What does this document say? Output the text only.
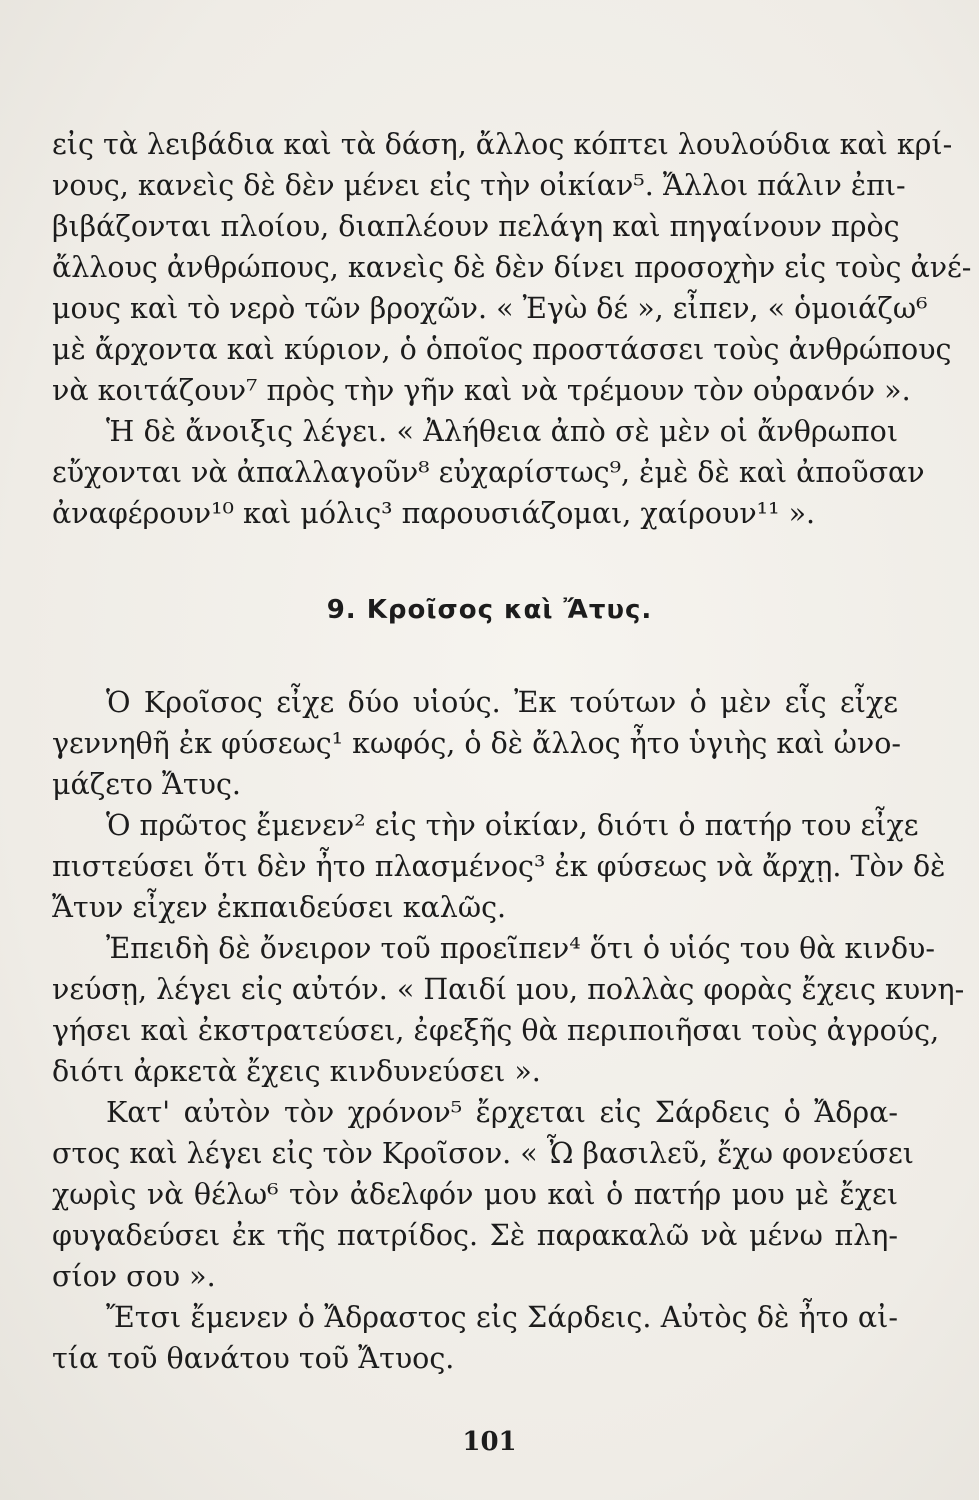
εἰς τὰ λειβάδια καὶ τὰ δάση, ἄλλος κόπτει λουλούδια καὶ κρί-
νους, κανεὶς δὲ δὲν μένει εἰς τὴν οἰκίαν⁵. Ἄλλοι πάλιν ἐπι-
βιβάζονται πλοίου, διαπλέουν πελάγη καὶ πηγαίνουν πρὸς
ἄλλους ἀνθρώπους, κανεὶς δὲ δὲν δίνει προσοχὴν εἰς τοὺς ἀνέ-
μους καὶ τὸ νερὸ τῶν βροχῶν. « Ἐγὼ δέ », εἶπεν, « ὁμοιάζω⁶
μὲ ἄρχοντα καὶ κύριον, ὁ ὁποῖος προστάσσει τοὺς ἀνθρώπους
νὰ κοιτάζουν⁷ πρὸς τὴν γῆν καὶ νὰ τρέμουν τὸν οὐρανόν ».
Ἡ δὲ ἄνοιξις λέγει. « Ἀλήθεια ἀπὸ σὲ μὲν οἱ ἄνθρωποι
εὔχονται νὰ ἀπαλλαγοῦν⁸ εὐχαρίστως⁹, ἐμὲ δὲ καὶ ἀποῦσαν
ἀναφέρουν¹⁰ καὶ μόλις³ παρουσιάζομαι, χαίρουν¹¹ ».
9. Κροῖσος καὶ Ἄτυς.
Ὁ Κροῖσος εἶχε δύο υἱούς. Ἐκ τούτων ὁ μὲν εἷς εἶχε
γεννηθῆ ἐκ φύσεως¹ κωφός, ὁ δὲ ἄλλος ἦτο ὑγιὴς καὶ ὠνο-
μάζετο Ἄτυς.
Ὁ πρῶτος ἔμενεν² εἰς τὴν οἰκίαν, διότι ὁ πατήρ του εἶχε
πιστεύσει ὅτι δὲν ἦτο πλασμένος³ ἐκ φύσεως νὰ ἄρχῃ. Τὸν δὲ
Ἄτυν εἶχεν ἐκπαιδεύσει καλῶς.
Ἐπειδὴ δὲ ὄνειρον τοῦ προεῖπεν⁴ ὅτι ὁ υἱός του θὰ κινδυ-
νεύσῃ, λέγει εἰς αὐτόν. « Παιδί μου, πολλὰς φορὰς ἔχεις κυνη-
γήσει καὶ ἐκστρατεύσει, ἐφεξῆς θὰ περιποιῆσαι τοὺς ἀγρούς,
διότι ἀρκετὰ ἔχεις κινδυνεύσει ».
Κατ' αὐτὸν τὸν χρόνον⁵ ἔρχεται εἰς Σάρδεις ὁ Ἄδρα-
στος καὶ λέγει εἰς τὸν Κροῖσον. « Ὦ βασιλεῦ, ἔχω φονεύσει
χωρὶς νὰ θέλω⁶ τὸν ἀδελφόν μου καὶ ὁ πατήρ μου μὲ ἔχει
φυγαδεύσει ἐκ τῆς πατρίδος. Σὲ παρακαλῶ νὰ μένω πλη-
σίον σου ».
Ἔτσι ἔμενεν ὁ Ἄδραστος εἰς Σάρδεις. Αὐτὸς δὲ ἦτο αἰ-
τία τοῦ θανάτου τοῦ Ἄτυος.
101
